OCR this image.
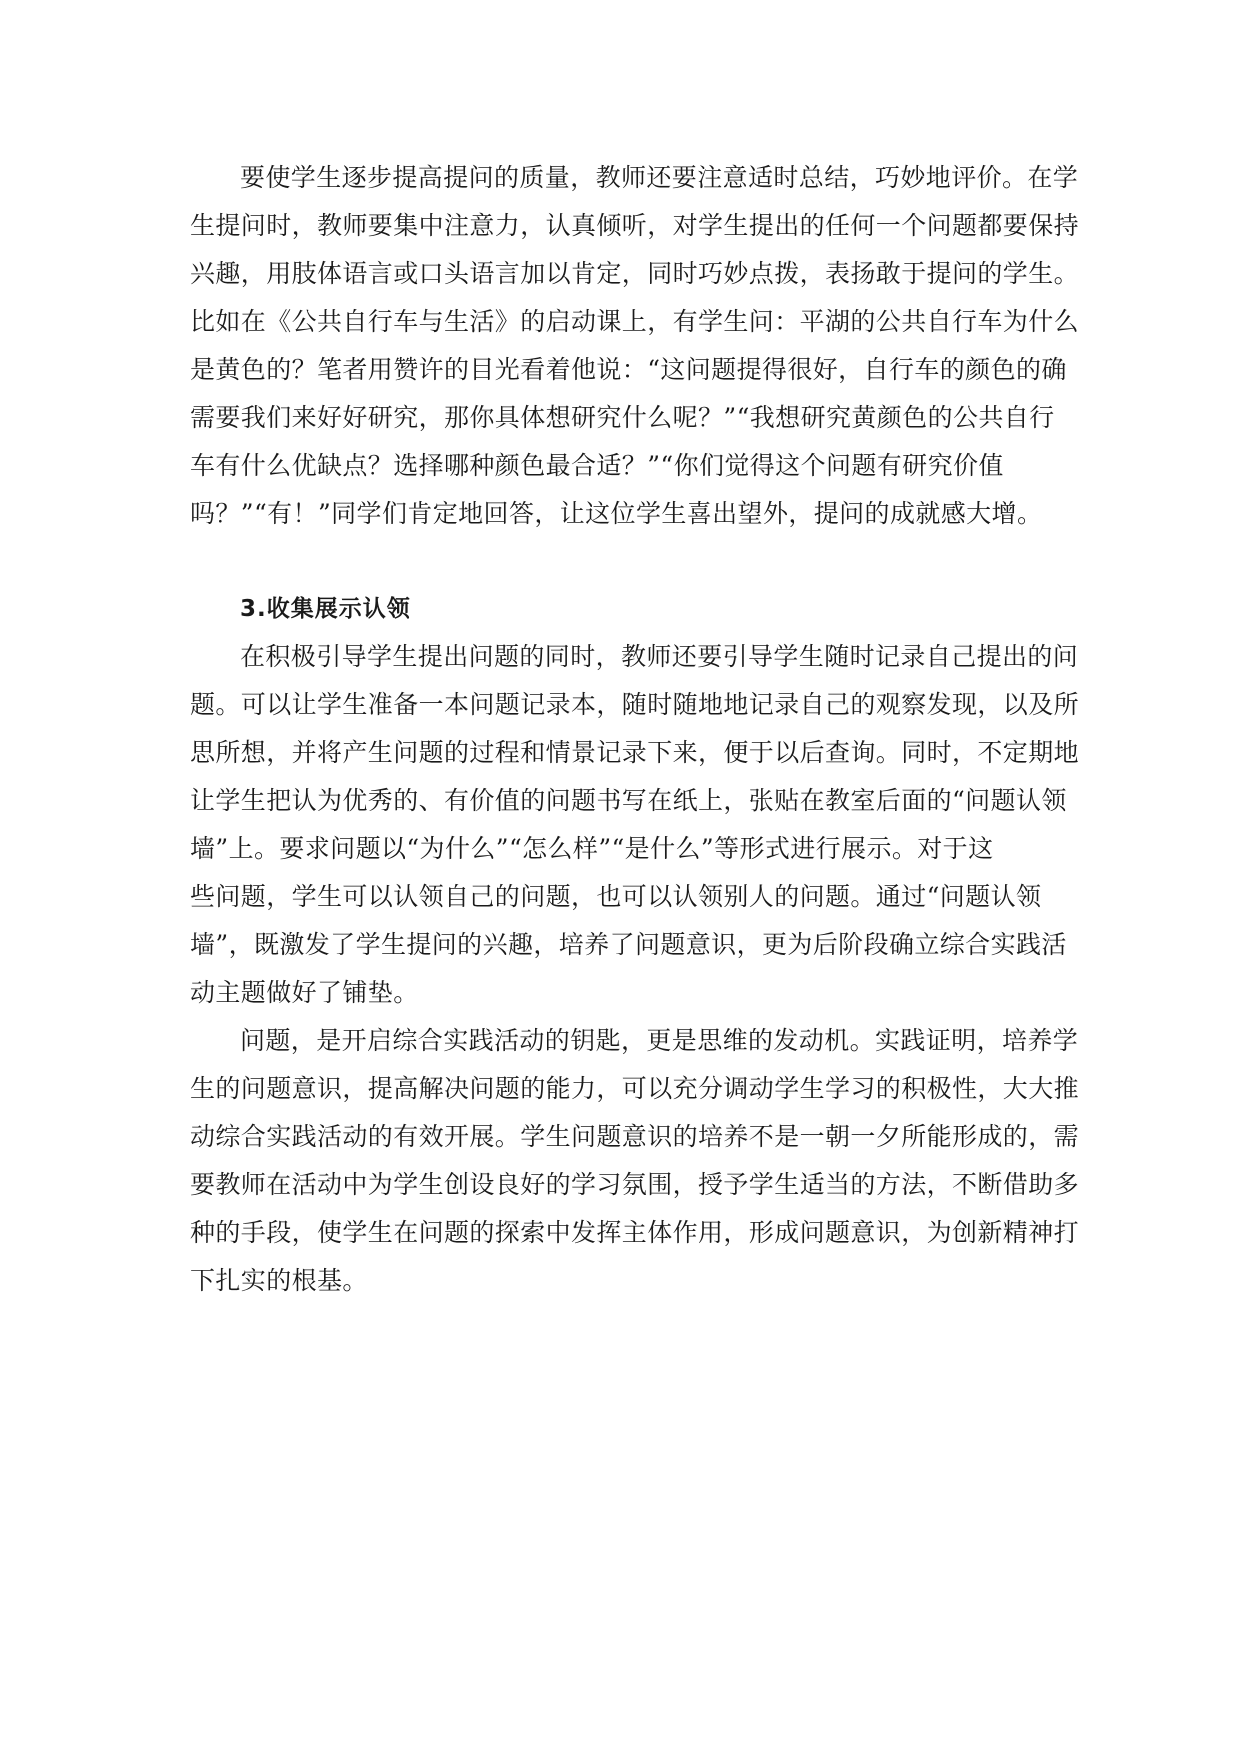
要使学生逐步提高提问的质量，教师还要注意适时总结，巧妙地评价。在学

生提问时，教师要集中注意力，认真倾听，对学生提出的任何一个问题都要保持

兴趣，用肢体语言或口头语言加以肯定，同时巧妙点拨，表扬敢于提问的学生。

比如在《公共自行车与生活》的启动课上，有学生问：平湖的公共自行车为什么

是黄色的？笔者用赞许的目光看着他说：“这问题提得很好，自行车的颜色的确

需要我们来好好研究，那你具体想研究什么呢？”“我想研究黄颜色的公共自行

车有什么优缺点？选择哪种颜色最合适？”“你们觉得这个问题有研究价值

吗？”“有！”同学们肯定地回答，让这位学生喜出望外，提问的成就感大增。

3.收集展示认领

在积极引导学生提出问题的同时，教师还要引导学生随时记录自己提出的问

题。可以让学生准备一本问题记录本，随时随地地记录自己的观察发现，以及所

思所想，并将产生问题的过程和情景记录下来，便于以后查询。同时，不定期地

让学生把认为优秀的、有价值的问题书写在纸上，张贴在教室后面的“问题认领

墙”上。要求问题以“为什么”“怎么样”“是什么”等形式进行展示。对于这

些问题，学生可以认领自己的问题，也可以认领别人的问题。通过“问题认领

墙”，既激发了学生提问的兴趣，培养了问题意识，更为后阶段确立综合实践活

动主题做好了铺垫。

问题，是开启综合实践活动的钥匙，更是思维的发动机。实践证明，培养学

生的问题意识，提高解决问题的能力，可以充分调动学生学习的积极性，大大推

动综合实践活动的有效开展。学生问题意识的培养不是一朝一夕所能形成的，需

要教师在活动中为学生创设良好的学习氛围，授予学生适当的方法，不断借助多

种的手段，使学生在问题的探索中发挥主体作用，形成问题意识，为创新精神打

下扎实的根基。
